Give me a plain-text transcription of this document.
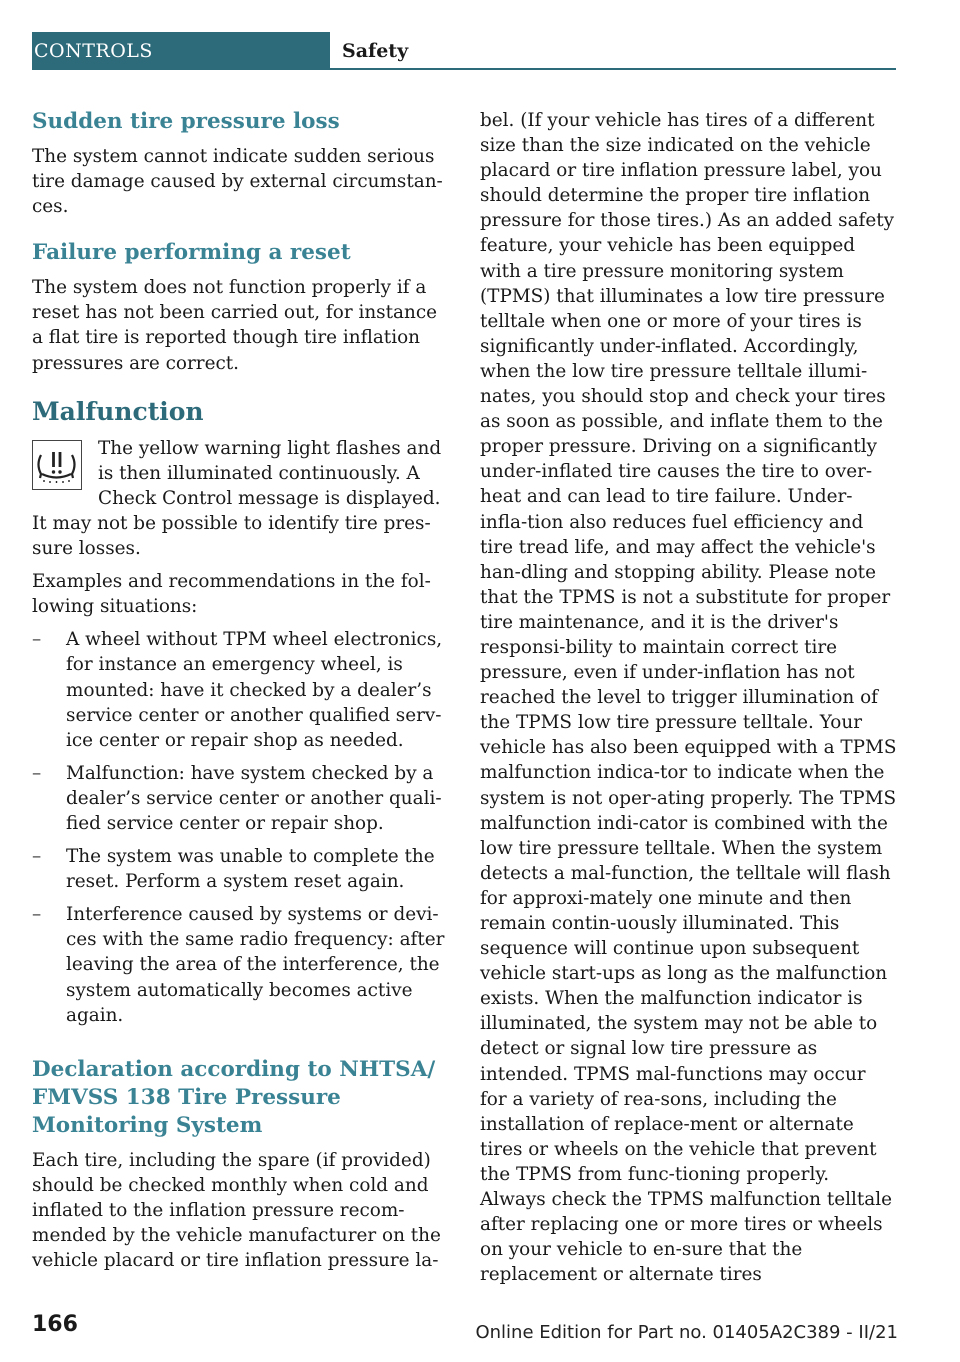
CONTROLS	Safety
Sudden tire pressure loss

The system cannot indicate sudden serious tire damage caused by external circumstan-ces.

Failure performing a reset

The system does not function properly if a reset has not been carried out, for instance a flat tire is reported though tire inflation pressures are correct.

Malfunction

The yellow warning light flashes and is then illuminated continuously. A Check Control message is displayed.

It may not be possible to identify tire pres-sure losses.

Examples and recommendations in the fol-lowing situations:

– A wheel without TPM wheel electronics, for instance an emergency wheel, is mounted: have it checked by a dealer’s service center or another qualified serv-ice center or repair shop as needed.
– Malfunction: have system checked by a dealer’s service center or another quali-fied service center or repair shop.
– The system was unable to complete the reset. Perform a system reset again.
– Interference caused by systems or devi-ces with the same radio frequency: after leaving the area of the interference, the system automatically becomes active again.
Declaration according to NHTSA/ FMVSS 138 Tire Pressure Monitoring System

Each tire, including the spare (if provided) should be checked monthly when cold and inflated to the inflation pressure recom-mended by the vehicle manufacturer on the vehicle placard or tire inflation pressure la-

bel. (If your vehicle has tires of a different size than the size indicated on the vehicle placard or tire inflation pressure label, you should determine the proper tire inflation pressure for those tires.) As an added safety feature, your vehicle has been equipped with a tire pressure monitoring system (TPMS) that illuminates a low tire pressure telltale when one or more of your tires is significantly under-inflated. Accordingly, when the low tire pressure telltale illumi-nates, you should stop and check your tires as soon as possible, and inflate them to the proper pressure. Driving on a significantly under-inflated tire causes the tire to over-heat and can lead to tire failure. Under-infla-tion also reduces fuel efficiency and tire tread life, and may affect the vehicle's han-dling and stopping ability. Please note that the TPMS is not a substitute for proper tire maintenance, and it is the driver's responsi-bility to maintain correct tire pressure, even if under-inflation has not reached the level to trigger illumination of the TPMS low tire pressure telltale. Your vehicle has also been equipped with a TPMS malfunction indica-tor to indicate when the system is not oper-ating properly. The TPMS malfunction indi-cator is combined with the low tire pressure telltale. When the system detects a mal-function, the telltale will flash for approxi-mately one minute and then remain contin-uously illuminated. This sequence will continue upon subsequent vehicle start-ups as long as the malfunction exists. When the malfunction indicator is illuminated, the system may not be able to detect or signal low tire pressure as intended. TPMS mal-functions may occur for a variety of rea-sons, including the installation of replace-ment or alternate tires or wheels on the vehicle that prevent the TPMS from func-tioning properly. Always check the TPMS malfunction telltale after replacing one or more tires or wheels on your vehicle to en-sure that the replacement or alternate tires

166	Online Edition for Part no. 01405A2C389 - II/21
